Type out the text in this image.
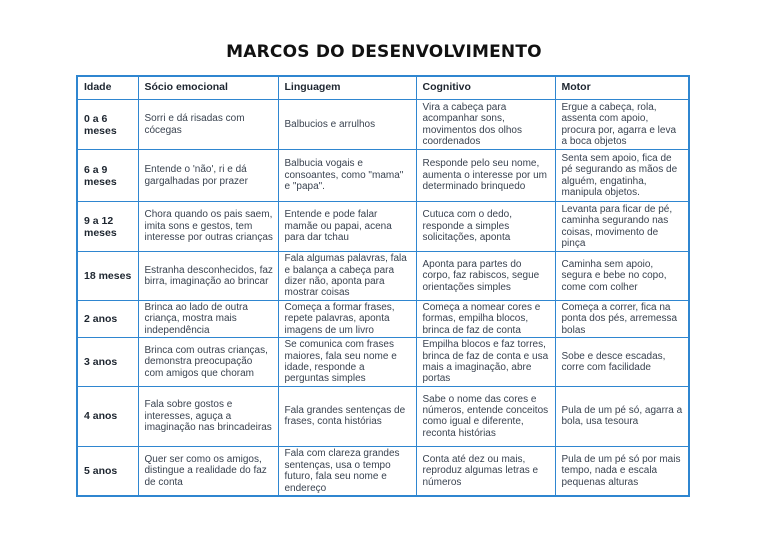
MARCOS DO DESENVOLVIMENTO
Idade	Sócio emocional	Linguagem	Cognitivo	Motor
0 a 6 meses	Sorri e dá risadas com cócegas	Balbucios e arrulhos	Vira a cabeça para acompanhar sons, movimentos dos olhos coordenados	Ergue a cabeça, rola, assenta com apoio, procura por, agarra e leva a boca objetos
6 a 9 meses	Entende o 'não', ri e dá gargalhadas por prazer	Balbucia vogais e consoantes, como "mama" e "papa".	Responde pelo seu nome, aumenta o interesse por um determinado brinquedo	Senta sem apoio, fica de pé segurando as mãos de alguém, engatinha, manipula objetos.
9 a 12 meses	Chora quando os pais saem, imita sons e gestos, tem interesse por outras crianças	Entende e pode falar mamãe ou papai, acena para dar tchau	Cutuca com o dedo, responde a simples solicitações, aponta	Levanta para ficar de pé, caminha segurando nas coisas, movimento de pinça
18 meses	Estranha desconhecidos, faz birra, imaginação ao brincar	Fala algumas palavras, fala e balança a cabeça para dizer não, aponta para mostrar coisas	Aponta para partes do corpo, faz rabiscos, segue orientações simples	Caminha sem apoio, segura e bebe no copo, come com colher
2 anos	Brinca ao lado de outra criança, mostra mais independência	Começa a formar frases, repete palavras, aponta imagens de um livro	Começa a nomear cores e formas, empilha blocos, brinca de faz de conta	Começa a correr, fica na ponta dos pés, arremessa bolas
3 anos	Brinca com outras crianças, demonstra preocupação com amigos que choram	Se comunica com frases maiores, fala seu nome e idade, responde a perguntas simples	Empilha blocos e faz torres, brinca de faz de conta e usa mais a imaginação, abre portas	Sobe e desce escadas, corre com facilidade
4 anos	Fala sobre gostos e interesses, aguça a imaginação nas brincadeiras	Fala grandes sentenças de frases, conta histórias	Sabe o nome das cores e números, entende conceitos como igual e diferente, reconta histórias	Pula de um pé só, agarra a bola, usa tesoura
5 anos	Quer ser como os amigos, distingue a realidade do faz de conta	Fala com clareza grandes sentenças, usa o tempo futuro, fala seu nome e endereço	Conta até dez ou mais, reproduz algumas letras e números	Pula de um pé só por mais tempo, nada e escala pequenas alturas
